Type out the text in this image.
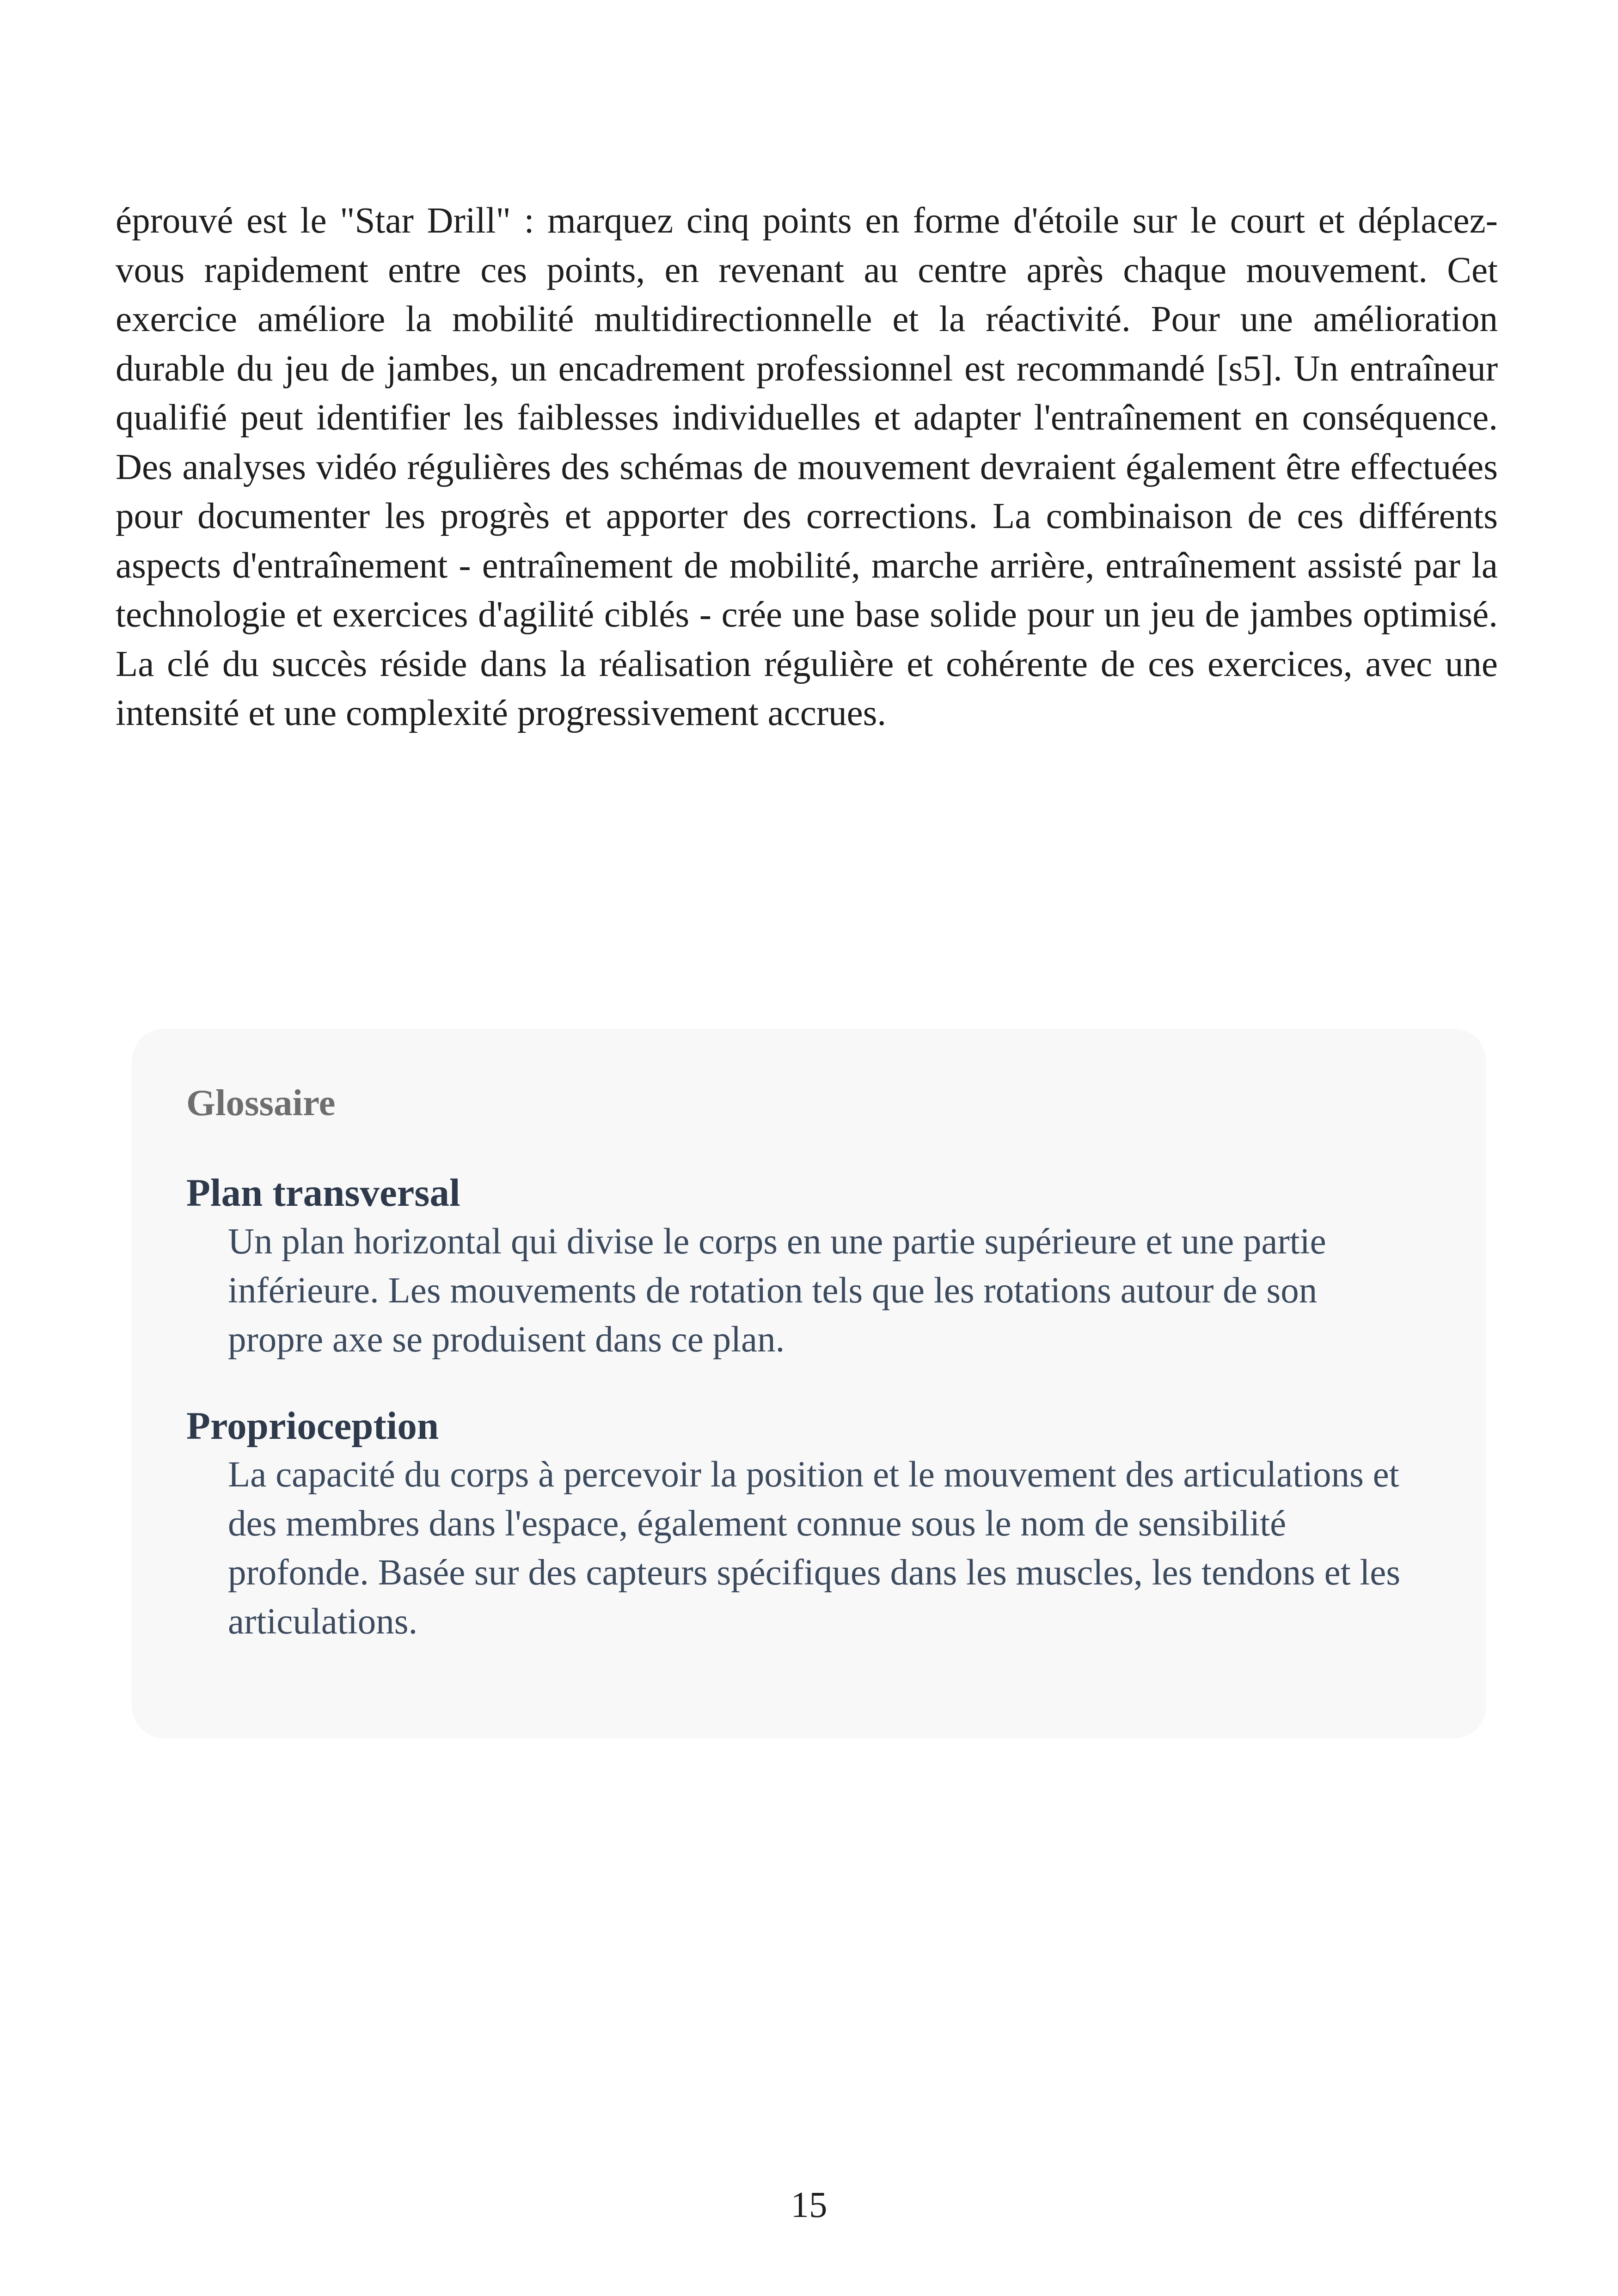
éprouvé est le "Star Drill" : marquez cinq points en forme d'étoile sur le court et déplacez-vous rapidement entre ces points, en revenant au centre après chaque mouvement. Cet exercice améliore la mobilité multidirectionnelle et la réactivité. Pour une amélioration durable du jeu de jambes, un encadrement professionnel est recommandé [s5]. Un entraîneur qualifié peut identifier les faiblesses individuelles et adapter l'entraînement en conséquence. Des analyses vidéo régulières des schémas de mouvement devraient également être effectuées pour documenter les progrès et apporter des corrections. La combinaison de ces différents aspects d'entraînement - entraînement de mobilité, marche arrière, entraînement assisté par la technologie et exercices d'agilité ciblés - crée une base solide pour un jeu de jambes optimisé. La clé du succès réside dans la réalisation régulière et cohérente de ces exercices, avec une intensité et une complexité progressivement accrues.

Glossaire

Plan transversal

Un plan horizontal qui divise le corps en une partie supérieure et une partie inférieure. Les mouvements de rotation tels que les rotations autour de son propre axe se produisent dans ce plan.

Proprioception

La capacité du corps à percevoir la position et le mouvement des articulations et des membres dans l'espace, également connue sous le nom de sensibilité profonde. Basée sur des capteurs spécifiques dans les muscles, les tendons et les articulations.

15
